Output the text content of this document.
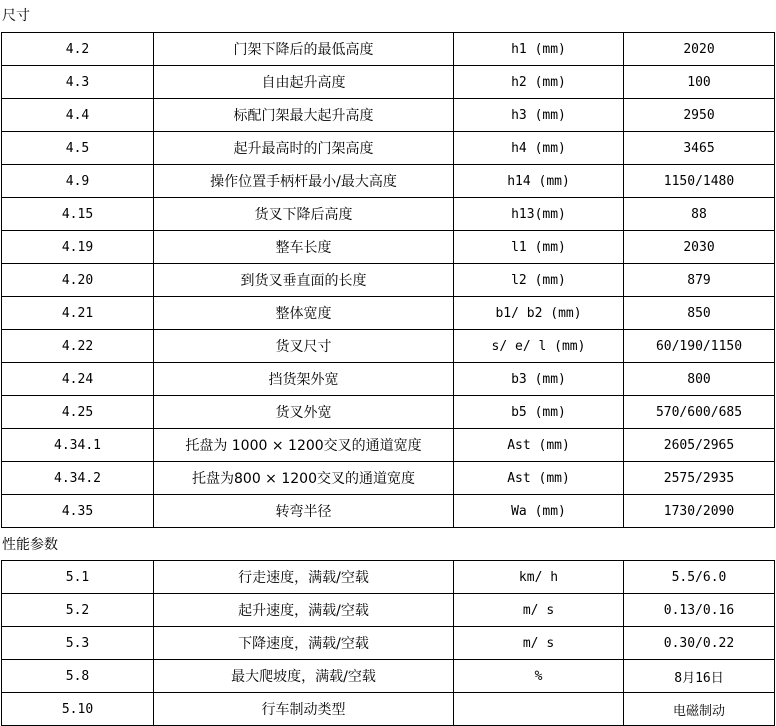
尺寸
4.2	门架下降后的最低高度	h1 (mm)	2020
4.3	自由起升高度	h2 (mm)	100
4.4	标配门架最大起升高度	h3 (mm)	2950
4.5	起升最高时的门架高度	h4 (mm)	3465
4.9	操作位置手柄杆最小/最大高度	h14 (mm)	1150/1480
4.15	货叉下降后高度	h13(mm)	88
4.19	整车长度	l1 (mm)	2030
4.20	到货叉垂直面的长度	l2 (mm)	879
4.21	整体宽度	b1/ b2 (mm)	850
4.22	货叉尺寸	s/ e/ l (mm)	60/190/1150
4.24	挡货架外宽	b3 (mm)	800
4.25	货叉外宽	b5 (mm)	570/600/685
4.34.1	托盘为 1000 × 1200交叉的通道宽度	Ast (mm)	2605/2965
4.34.2	托盘为800 × 1200交叉的通道宽度	Ast (mm)	2575/2935
4.35	转弯半径	Wa (mm)	1730/2090
性能参数
5.1	行走速度，满载/空载	km/ h	5.5/6.0
5.2	起升速度，满载/空载	m/ s	0.13/0.16
5.3	下降速度，满载/空载	m/ s	0.30/0.22
5.8	最大爬坡度，满载/空载	%	8月16日
5.10	行车制动类型		电磁制动
